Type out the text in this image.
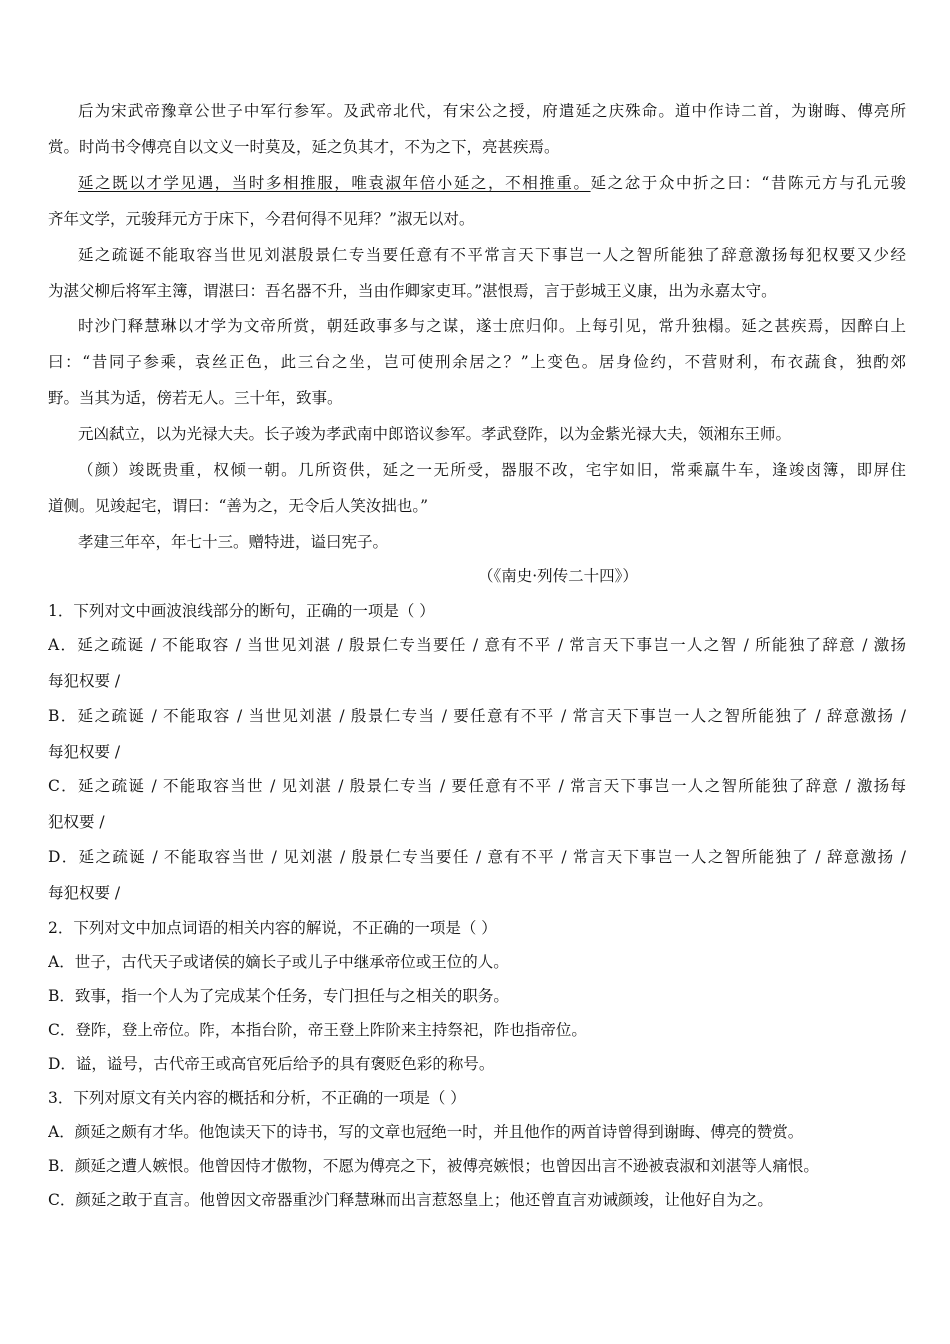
后为宋武帝豫章公世子中军行参军。及武帝北代，有宋公之授，府遣延之庆殊命。道中作诗二首，为谢晦、傅亮所
赏。时尚书令傅亮自以文义一时莫及，延之负其才，不为之下，亮甚疾焉。
延之既以才学见遇，当时多相推服，唯袁淑年倍小延之，不相推重。延之忿于众中折之曰：“昔陈元方与孔元骏
齐年文学，元骏拜元方于床下，今君何得不见拜？”淑无以对。
延之疏诞不能取容当世见刘湛殷景仁专当要任意有不平常言天下事岂一人之智所能独了辞意激扬每犯权要又少经
为湛父柳后将军主簿，谓湛曰：吾名器不升，当由作卿家吏耳。”湛恨焉，言于彭城王义康，出为永嘉太守。
时沙门释慧琳以才学为文帝所赏，朝廷政事多与之谋，遂士庶归仰。上每引见，常升独榻。延之甚疾焉，因醉白上
曰：“昔同子参乘，袁丝正色，此三台之坐，岂可使刑余居之？”上变色。居身俭约，不营财利，布衣蔬食，独酌郊
野。当其为适，傍若无人。三十年，致事。
元凶弑立，以为光禄大夫。长子竣为孝武南中郎谘议参军。孝武登阼，以为金紫光禄大夫，领湘东王师。
（颜）竣既贵重，权倾一朝。几所资供，延之一无所受，器服不改，宅宇如旧，常乘羸牛车，逢竣卤簿，即屏住
道侧。见竣起宅，谓曰：“善为之，无令后人笑汝拙也。”
孝建三年卒，年七十三。赠特进，谥曰宪子。
（《南史·列传二十四》）
1．下列对文中画波浪线部分的断句，正确的一项是（ ）
A．延之疏诞 / 不能取容 / 当世见刘湛 / 殷景仁专当要任 / 意有不平 / 常言天下事岂一人之智 / 所能独了辞意 / 激扬
每犯权要 /
B．延之疏诞 / 不能取容 / 当世见刘湛 / 殷景仁专当 / 要任意有不平 / 常言天下事岂一人之智所能独了 / 辞意激扬 /
每犯权要 /
C．延之疏诞 / 不能取容当世 / 见刘湛 / 殷景仁专当 / 要任意有不平 / 常言天下事岂一人之智所能独了辞意 / 激扬每
犯权要 /
D．延之疏诞 / 不能取容当世 / 见刘湛 / 殷景仁专当要任 / 意有不平 / 常言天下事岂一人之智所能独了 / 辞意激扬 /
每犯权要 /
2．下列对文中加点词语的相关内容的解说，不正确的一项是（ ）
A．世子，古代天子或诸侯的嫡长子或儿子中继承帝位或王位的人。
B．致事，指一个人为了完成某个任务，专门担任与之相关的职务。
C．登阼，登上帝位。阼，本指台阶，帝王登上阼阶来主持祭祀，阼也指帝位。
D．谥，谥号，古代帝王或高官死后给予的具有褒贬色彩的称号。
3．下列对原文有关内容的概括和分析，不正确的一项是（ ）
A．颜延之颇有才华。他饱读天下的诗书，写的文章也冠绝一时，并且他作的两首诗曾得到谢晦、傅亮的赞赏。
B．颜延之遭人嫉恨。他曾因恃才傲物，不愿为傅亮之下，被傅亮嫉恨；也曾因出言不逊被袁淑和刘湛等人痛恨。
C．颜延之敢于直言。他曾因文帝器重沙门释慧琳而出言惹怒皇上；他还曾直言劝诫颜竣，让他好自为之。
